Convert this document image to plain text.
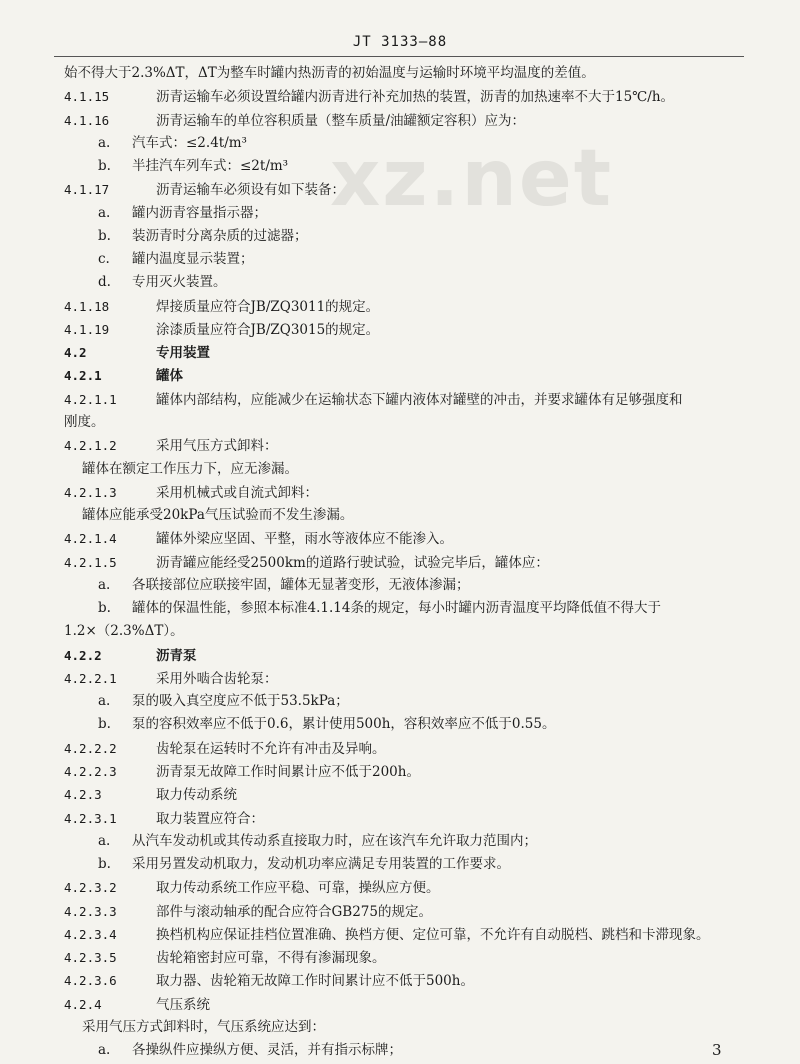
xz.net
JT 3133—88
始不得大于2.3%ΔT，ΔT为整车时罐内热沥青的初始温度与运输时环境平均温度的差值。
4.1.15	沥青运输车必须设置给罐内沥青进行补充加热的装置，沥青的加热速率不大于15℃/h。
4.1.16	沥青运输车的单位容积质量（整车质量/油罐额定容积）应为：
a. 汽车式：≤2.4t/m³
b. 半挂汽车列车式：≤2t/m³
4.1.17	沥青运输车必须设有如下装备：
a. 罐内沥青容量指示器；
b. 装沥青时分离杂质的过滤器；
c. 罐内温度显示装置；
d. 专用灭火装置。
4.1.18	焊接质量应符合JB/ZQ3011的规定。
4.1.19	涂漆质量应符合JB/ZQ3015的规定。
4.2	专用装置
4.2.1	罐体
4.2.1.1	罐体内部结构，应能减少在运输状态下罐内液体对罐壁的冲击，并要求罐体有足够强度和
刚度。
4.2.1.2	采用气压方式卸料：
罐体在额定工作压力下，应无渗漏。
4.2.1.3	采用机械式或自流式卸料：
罐体应能承受20kPa气压试验而不发生渗漏。
4.2.1.4	罐体外梁应坚固、平整，雨水等液体应不能渗入。
4.2.1.5	沥青罐应能经受2500km的道路行驶试验，试验完毕后，罐体应：
a. 各联接部位应联接牢固，罐体无显著变形，无液体渗漏；
b. 罐体的保温性能，参照本标准4.1.14条的规定，每小时罐内沥青温度平均降低值不得大于
1.2×（2.3%ΔT）。
4.2.2	沥青泵
4.2.2.1	采用外啮合齿轮泵：
a. 泵的吸入真空度应不低于53.5kPa；
b. 泵的容积效率应不低于0.6，累计使用500h，容积效率应不低于0.55。
4.2.2.2	齿轮泵在运转时不允许有冲击及异响。
4.2.2.3	沥青泵无故障工作时间累计应不低于200h。
4.2.3	取力传动系统
4.2.3.1	取力装置应符合：
a. 从汽车发动机或其传动系直接取力时，应在该汽车允许取力范围内；
b. 采用另置发动机取力，发动机功率应满足专用装置的工作要求。
4.2.3.2	取力传动系统工作应平稳、可靠，操纵应方便。
4.2.3.3	部件与滚动轴承的配合应符合GB275的规定。
4.2.3.4	换档机构应保证挂档位置准确、换档方便、定位可靠，不允许有自动脱档、跳档和卡滞现象。
4.2.3.5	齿轮箱密封应可靠，不得有渗漏现象。
4.2.3.6	取力器、齿轮箱无故障工作时间累计应不低于500h。
4.2.4	气压系统
采用气压方式卸料时，气压系统应达到：
a. 各操纵件应操纵方便、灵活，并有指示标牌；	3
